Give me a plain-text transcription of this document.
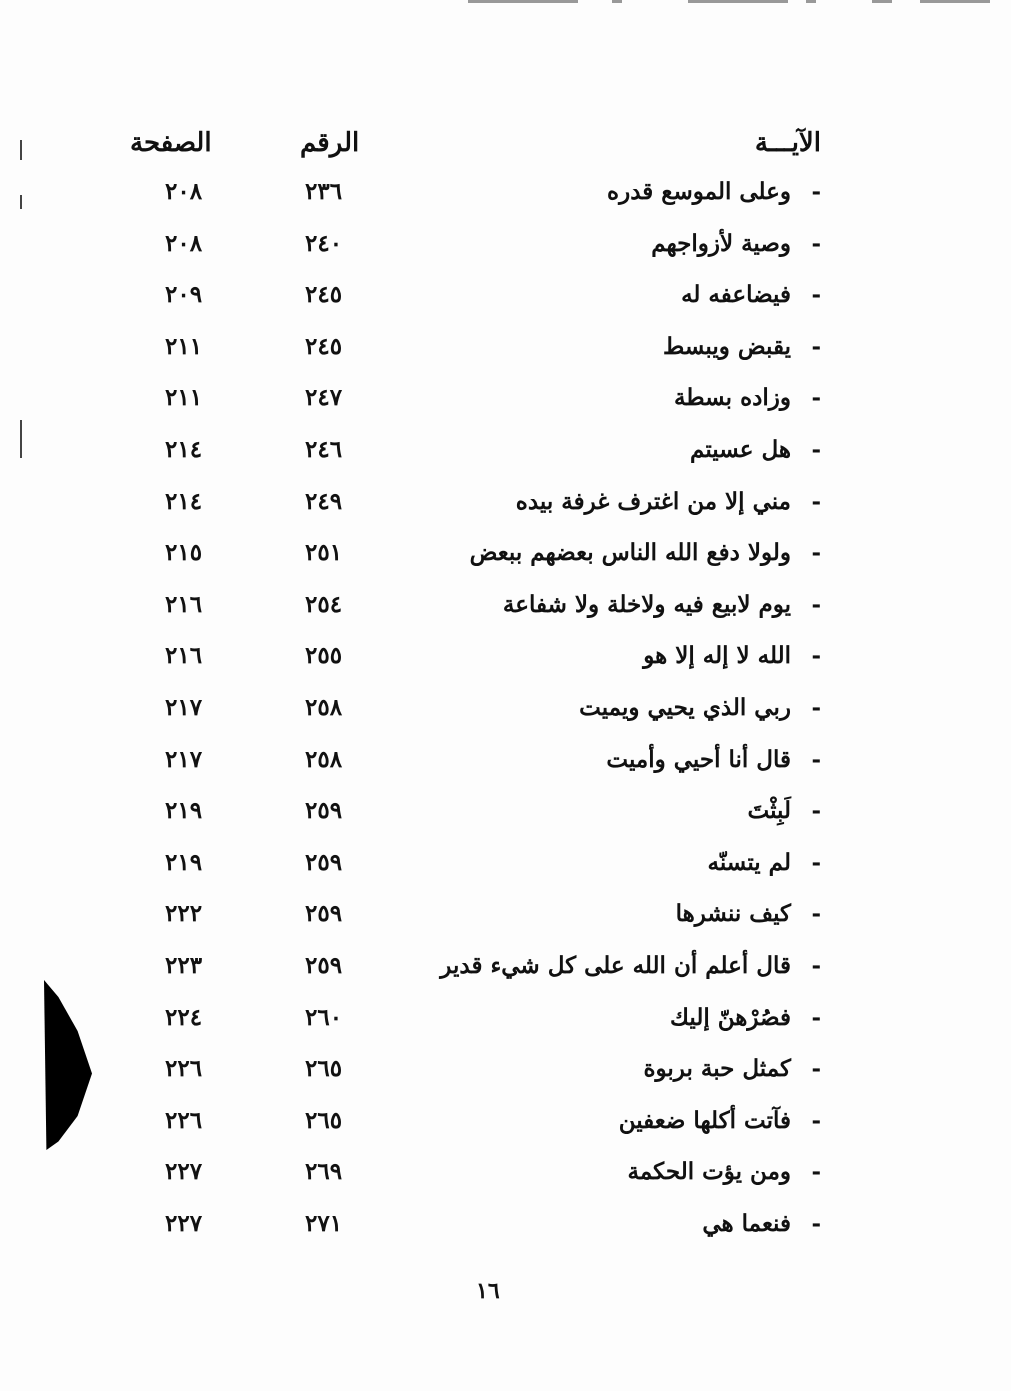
الآيـــة
الرقم
الصفحة
-
وعلى الموسع قدره
٢٣٦
٢٠٨
-
وصية لأزواجهم
٢٤٠
٢٠٨
-
فيضاعفه له
٢٤٥
٢٠٩
-
يقبض ويبسط
٢٤٥
٢١١
-
وزاده بسطة
٢٤٧
٢١١
-
هل عسيتم
٢٤٦
٢١٤
-
مني إلا من اغترف غرفة بيده
٢٤٩
٢١٤
-
ولولا دفع الله الناس بعضهم ببعض
٢٥١
٢١٥
-
يوم لابيع فيه ولاخلة ولا شفاعة
٢٥٤
٢١٦
-
الله لا إله إلا هو
٢٥٥
٢١٦
-
ربي الذي يحيي ويميت
٢٥٨
٢١٧
-
قال أنا أحيي وأميت
٢٥٨
٢١٧
-
لَبِثْتَ
٢٥٩
٢١٩
-
لم يتسنّه
٢٥٩
٢١٩
-
كيف ننشرها
٢٥٩
٢٢٢
-
قال أعلم أن الله على كل شيء قدير
٢٥٩
٢٢٣
-
فصُرْهنّ إليك
٢٦٠
٢٢٤
-
كمثل حبة بربوة
٢٦٥
٢٢٦
-
فآتت أكلها ضعفين
٢٦٥
٢٢٦
-
ومن يؤت الحكمة
٢٦٩
٢٢٧
-
فنعما هي
٢٧١
٢٢٧
١٦
